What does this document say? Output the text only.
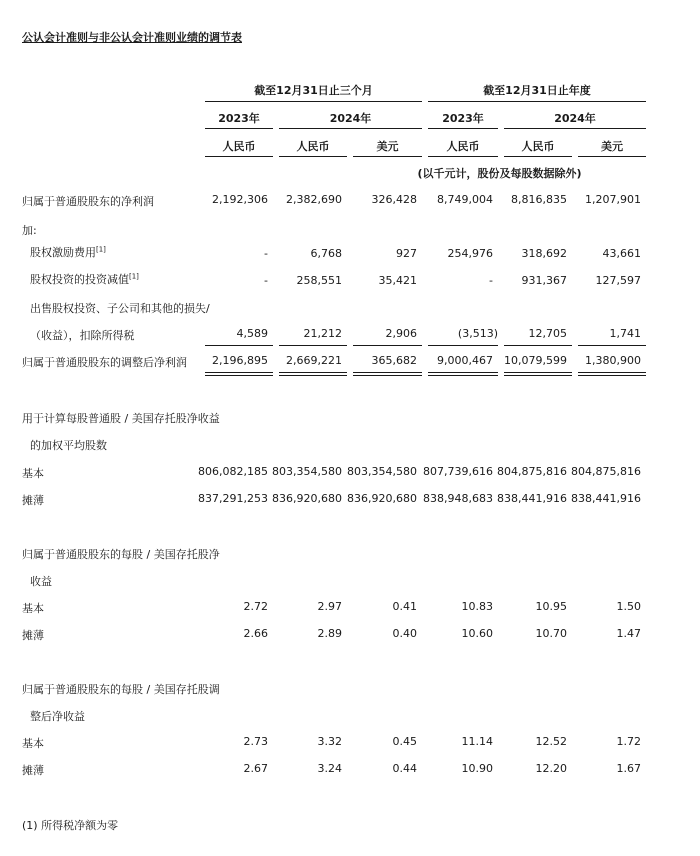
公认会计准则与非公认会计准则业绩的调节表
截至12月31日止三个月	截至12月31日止年度
2023年	2024年	2023年	2024年
人民币	人民币	美元	人民币	人民币	美元
(以千元计，股份及每股数据除外)
归属于普通股股东的净利润	2,192,306	2,382,690	326,428	8,749,004	8,816,835	1,207,901
加:
股权激励费用[1]	-	6,768	927	254,976	318,692	43,661
股权投资的投资减值[1]	-	258,551	35,421	-	931,367	127,597
出售股权投资、子公司和其他的损失/
（收益），扣除所得税	4,589	21,212	2,906	(3,513)	12,705	1,741
归属于普通股股东的调整后净利润	2,196,895	2,669,221	365,682	9,000,467 10,079,599	1,380,900
用于计算每股普通股 / 美国存托股净收益
的加权平均股数
基本	806,082,185 803,354,580 803,354,580 807,739,616 804,875,816 804,875,816
摊薄	837,291,253 836,920,680 836,920,680 838,948,683 838,441,916 838,441,916
归属于普通股股东的每股 / 美国存托股净
收益
基本	2.72	2.97	0.41	10.83	10.95	1.50
摊薄	2.66	2.89	0.40	10.60	10.70	1.47
归属于普通股股东的每股 / 美国存托股调
整后净收益
基本	2.73	3.32	0.45	11.14	12.52	1.72
摊薄	2.67	3.24	0.44	10.90	12.20	1.67
(1) 所得税净额为零
